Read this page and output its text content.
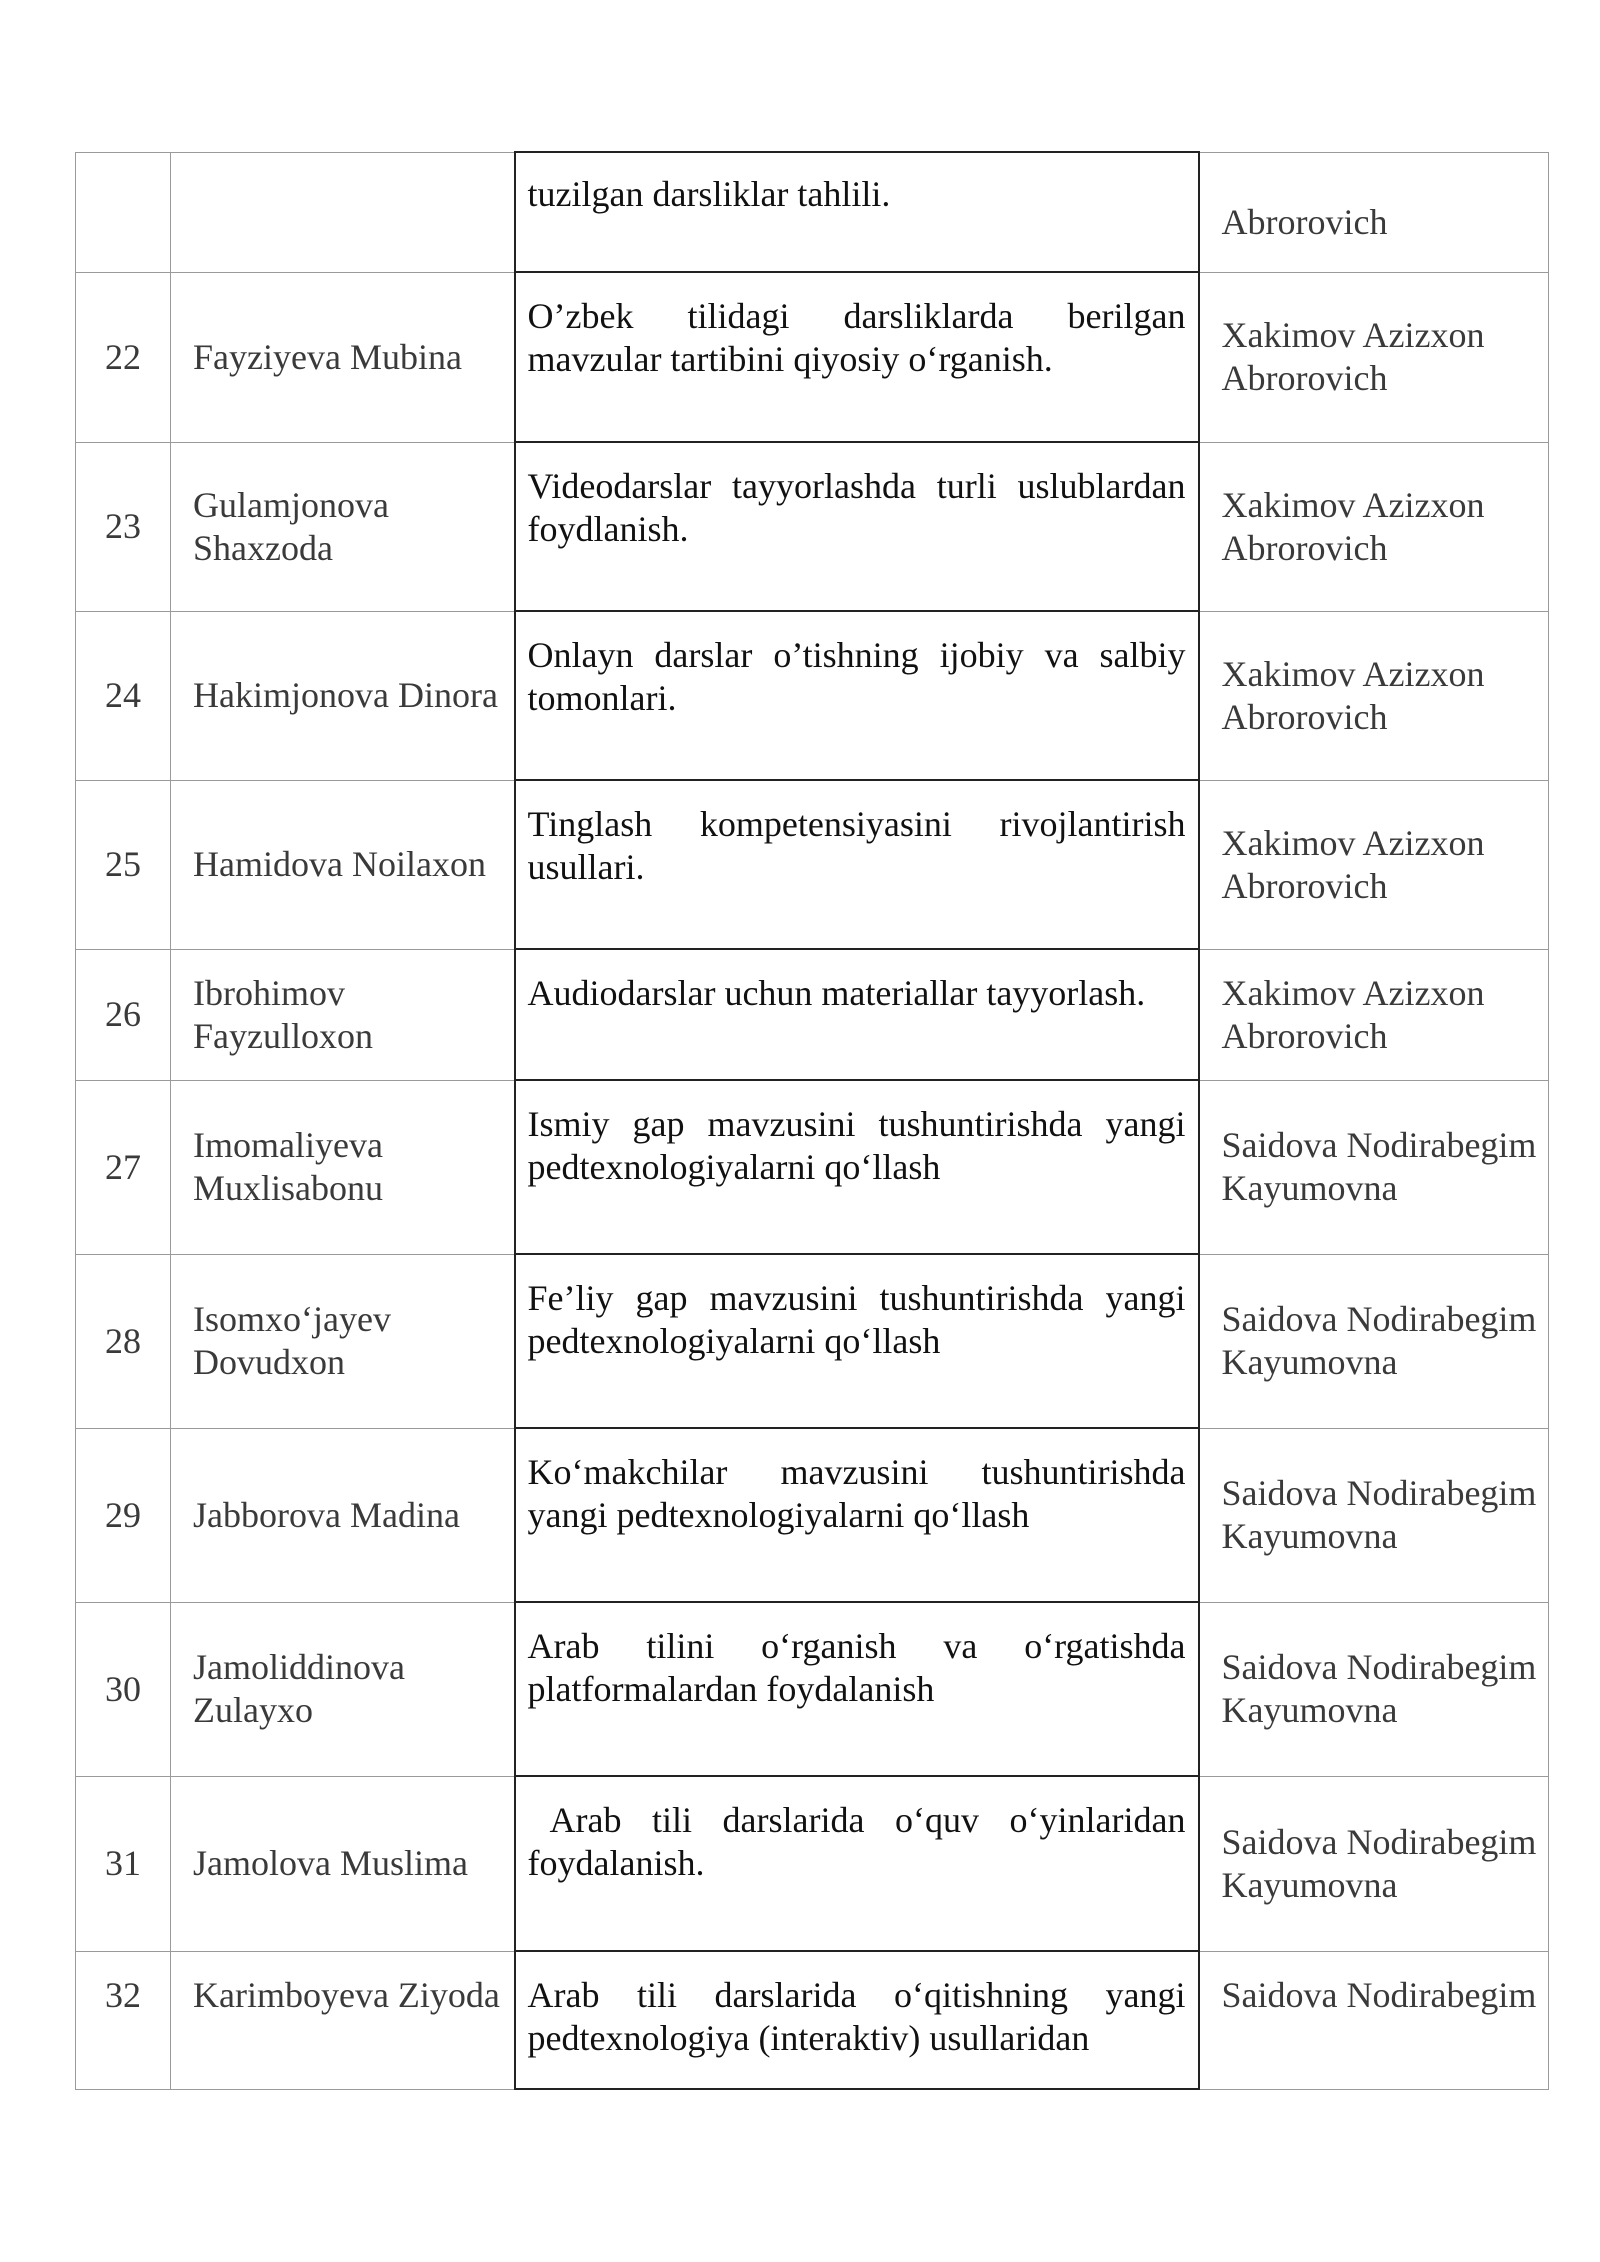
		tuzilgan darsliklar tahlili.	Abrorovich
22	Fayziyeva Mubina	O’zbek tilidagi darsliklarda berilgan mavzular tartibini qiyosiy o‘rganish.	Xakimov Azizxon Abrorovich
23	Gulamjonova Shaxzoda	Videodarslar tayyorlashda turli uslublardan foydlanish.	Xakimov Azizxon Abrorovich
24	Hakimjonova Dinora	Onlayn darslar o’tishning ijobiy va salbiy tomonlari.	Xakimov Azizxon Abrorovich
25	Hamidova Noilaxon	Tinglash kompetensiyasini rivojlantirish usullari.	Xakimov Azizxon Abrorovich
26	Ibrohimov Fayzulloxon	Audiodarslar uchun materiallar tayyorlash.	Xakimov Azizxon Abrorovich
27	Imomaliyeva Muxlisabonu	Ismiy gap mavzusini tushuntirishda yangi pedtexnologiyalarni qo‘llash	Saidova Nodirabegim Kayumovna
28	Isomxo‘jayev Dovudxon	Fe’liy gap mavzusini tushuntirishda yangi pedtexnologiyalarni qo‘llash	Saidova Nodirabegim Kayumovna
29	Jabborova Madina	Ko‘makchilar mavzusini tushuntirishda yangi pedtexnologiyalarni qo‘llash	Saidova Nodirabegim Kayumovna
30	Jamoliddinova Zulayxo	Arab tilini o‘rganish va o‘rgatishda platformalardan foydalanish	Saidova Nodirabegim Kayumovna
31	Jamolova Muslima	Arab tili darslarida o‘quv o‘yinlaridan foydalanish.	Saidova Nodirabegim Kayumovna
32	Karimboyeva Ziyoda	Arab tili darslarida o‘qitishning yangi pedtexnologiya (interaktiv) usullaridan	Saidova Nodirabegim
